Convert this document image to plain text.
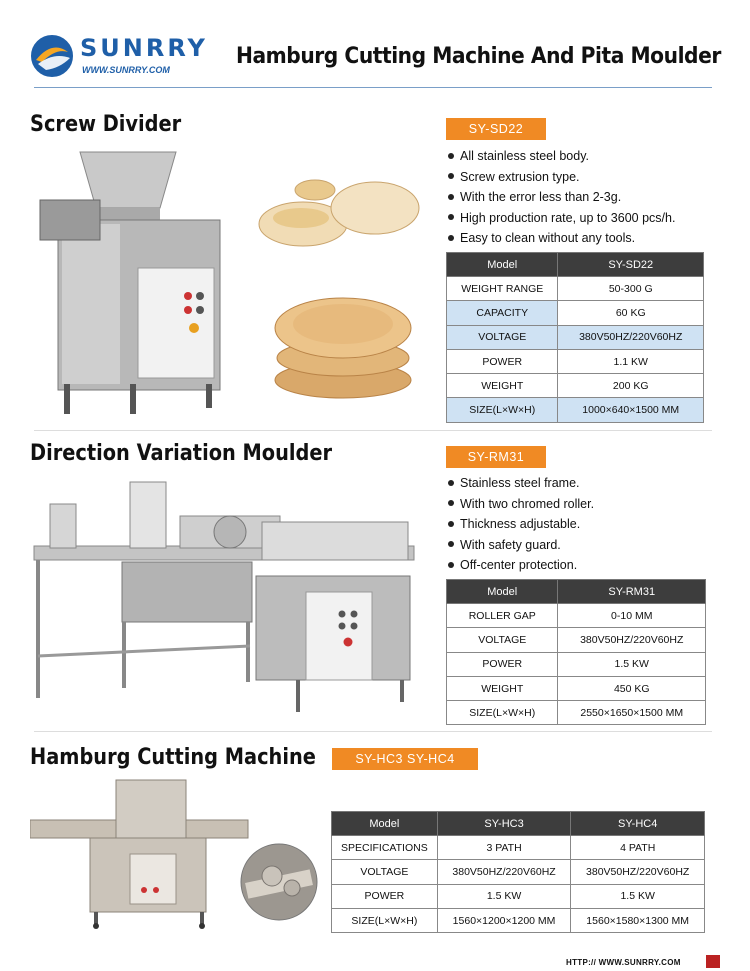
SUNRRY
WWW.SUNRRY.COM
Hamburg Cutting Machine And Pita Moulder
Screw Divider	SY-SD22
All stainless steel body.
Screw extrusion type.
With the error less than 2-3g.
High production rate, up to 3600 pcs/h.
Easy to clean without any tools.
Model	SY-SD22
WEIGHT RANGE	50-300 G
CAPACITY	60 KG
VOLTAGE	380V50HZ/220V60HZ
POWER	1.1 KW
WEIGHT	200 KG
SIZE(L×W×H)	1000×640×1500 MM
Direction Variation Moulder	SY-RM31
Stainless steel frame.
With two chromed roller.
Thickness adjustable.
With safety guard.
Off-center protection.
Model	SY-RM31
ROLLER GAP	0-10 MM
VOLTAGE	380V50HZ/220V60HZ
POWER	1.5 KW
WEIGHT	450 KG
SIZE(L×W×H)	2550×1650×1500 MM
Hamburg Cutting Machine	SY-HC3 SY-HC4
Model	SY-HC3	SY-HC4
SPECIFICATIONS	3 PATH	4 PATH
VOLTAGE	380V50HZ/220V60HZ	380V50HZ/220V60HZ
POWER	1.5 KW	1.5 KW
SIZE(L×W×H)	1560×1200×1200 MM	1560×1580×1300 MM
HTTP:// WWW.SUNRRY.COM
